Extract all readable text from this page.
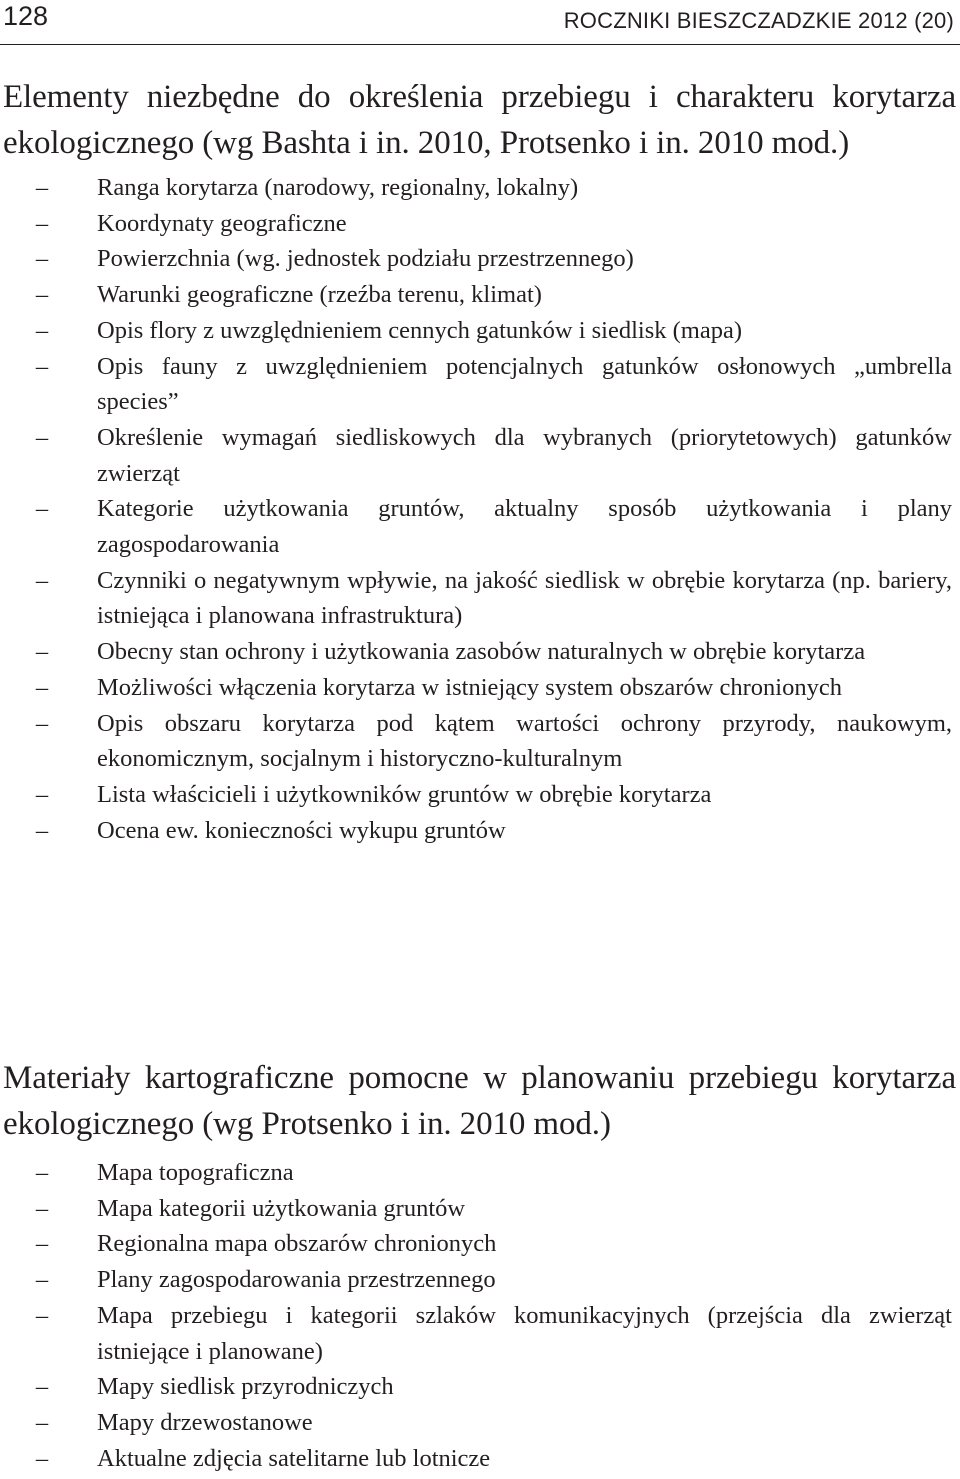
128	ROCZNIKI BIESZCZADZKIE 2012 (20)
Elementy niezbędne do określenia przebiegu i charakteru korytarza ekologicznego (wg Bashta i in. 2010, Protsenko i in. 2010 mod.)
–	Ranga korytarza (narodowy, regionalny, lokalny)
–	Koordynaty geograficzne
–	Powierzchnia (wg. jednostek podziału przestrzennego)
–	Warunki geograficzne (rzeźba terenu, klimat)
–	Opis flory z uwzględnieniem cennych gatunków i siedlisk (mapa)
–	Opis fauny z uwzględnieniem potencjalnych gatunków osłonowych „umbrella species”
–	Określenie wymagań siedliskowych dla wybranych (priorytetowych) gatunków zwierząt
–	Kategorie użytkowania gruntów, aktualny sposób użytkowania i plany zagospodarowania
–	Czynniki o negatywnym wpływie, na jakość siedlisk w obrębie korytarza (np. bariery, istniejąca i planowana infrastruktura)
–	Obecny stan ochrony i użytkowania zasobów naturalnych w obrębie korytarza
–	Możliwości włączenia korytarza w istniejący system obszarów chronionych
–	Opis obszaru korytarza pod kątem wartości ochrony przyrody, naukowym, ekonomicznym, socjalnym i historyczno-kulturalnym
–	Lista właścicieli i użytkowników gruntów w obrębie korytarza
–	Ocena ew. konieczności wykupu gruntów
Materiały kartograficzne pomocne w planowaniu przebiegu korytarza ekologicznego (wg Protsenko i in. 2010 mod.)
–	Mapa topograficzna
–	Mapa kategorii użytkowania gruntów
–	Regionalna mapa obszarów chronionych
–	Plany zagospodarowania przestrzennego
–	Mapa przebiegu i kategorii szlaków komunikacyjnych (przejścia dla zwierząt istniejące i planowane)
–	Mapy siedlisk przyrodniczych
–	Mapy drzewostanowe
–	Aktualne zdjęcia satelitarne lub lotnicze
